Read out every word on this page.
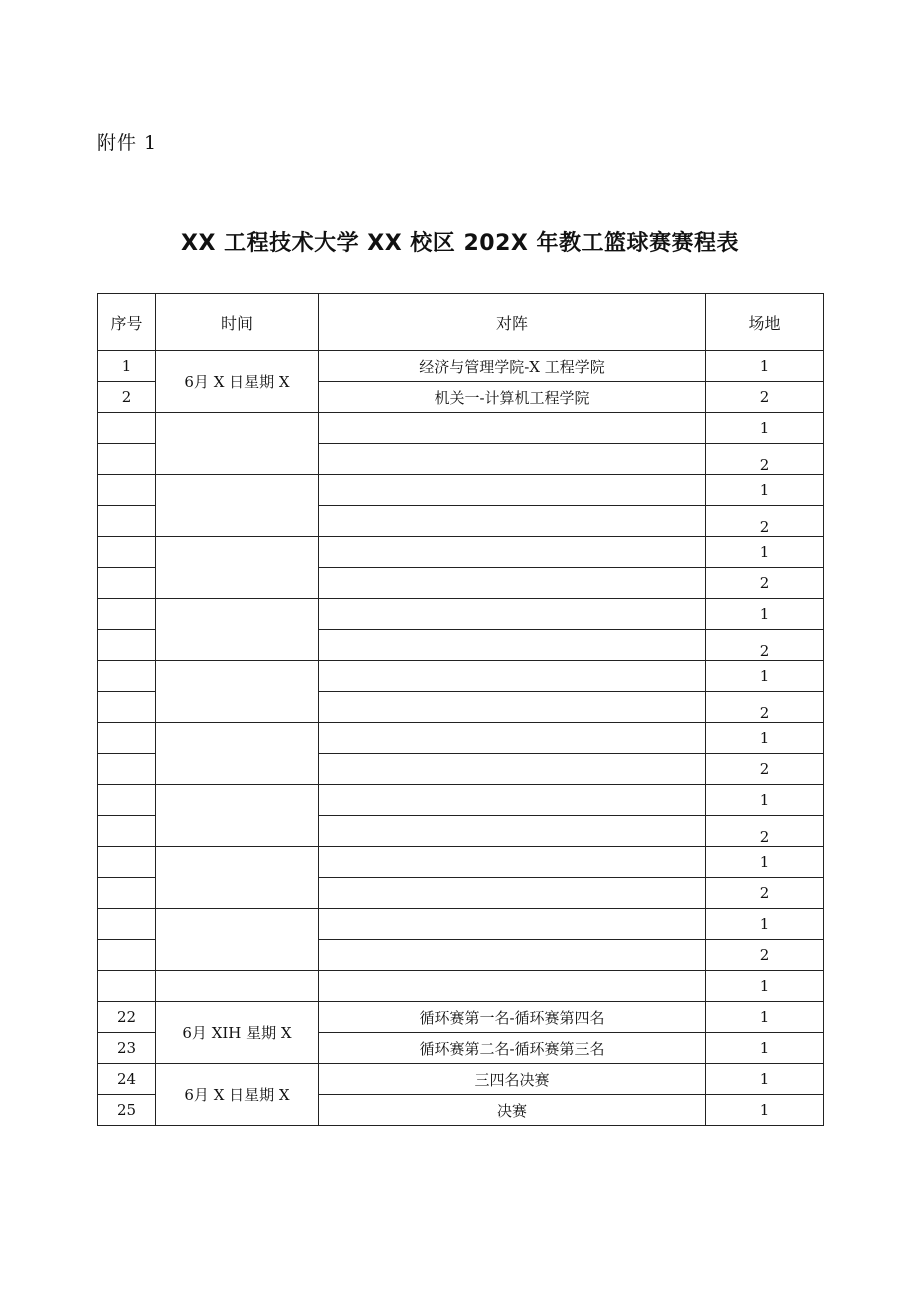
附件 1
XX 工程技术大学 XX 校区 202X 年教工篮球赛赛程表
序号	时间	对阵	场地
1	6月 X 日星期 X	经济与管理学院-X 工程学院	1
2		机关一-计算机工程学院	2
			1
			2
			1
			2
			1
			2
			1
			2
			1
			2
			1
			2
			1
			2
			1
			2
			1
			2
			1
22	6月 XIH 星期 X	循环赛第一名-循环赛第四名	1
23		循环赛第二名-循环赛第三名	1
24	6月 X 日星期 X	三四名决赛	1
25		决赛	1
